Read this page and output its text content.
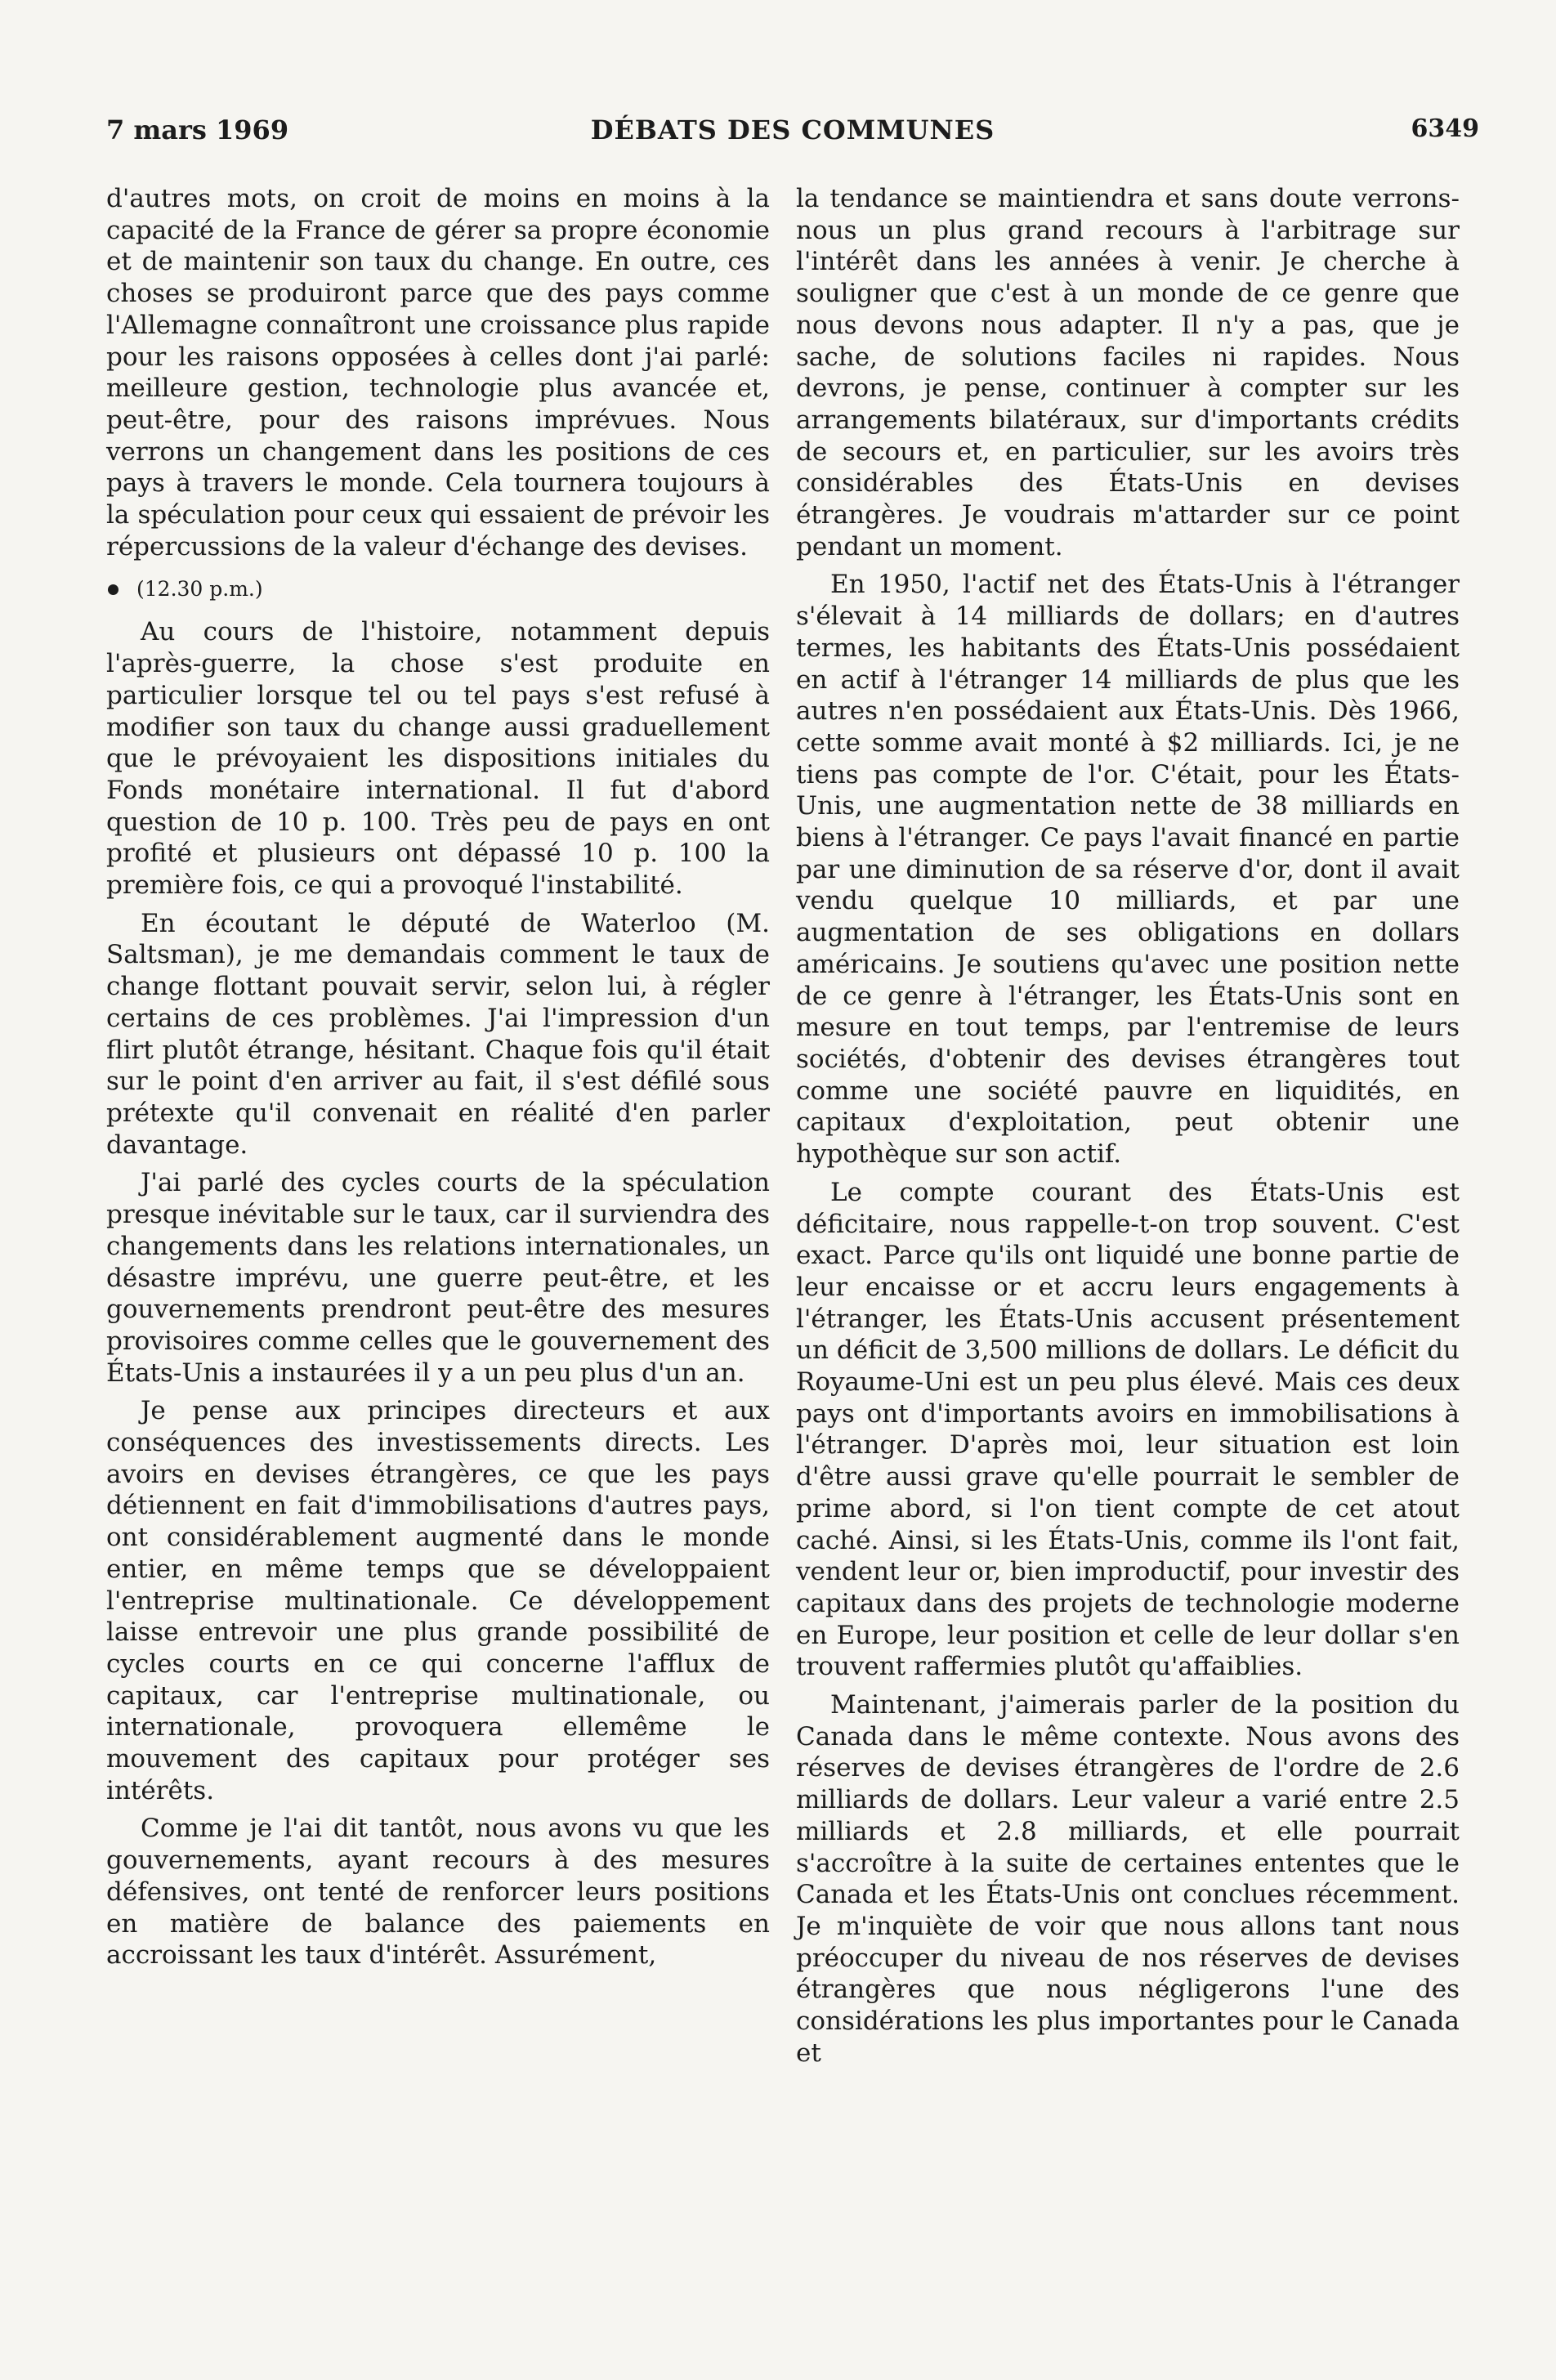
7 mars 1969	DÉBATS DES COMMUNES	6349

d'autres mots, on croit de moins en moins à la capacité de la France de gérer sa propre économie et de maintenir son taux du change. En outre, ces choses se produiront parce que des pays comme l'Allemagne connaîtront une croissance plus rapide pour les raisons opposées à celles dont j'ai parlé: meilleure gestion, technologie plus avancée et, peut-être, pour des raisons imprévues. Nous verrons un changement dans les positions de ces pays à travers le monde. Cela tournera toujours à la spéculation pour ceux qui essaient de prévoir les répercussions de la valeur d'échange des devises.

(12.30 p.m.)

Au cours de l'histoire, notamment depuis l'après-guerre, la chose s'est produite en particulier lorsque tel ou tel pays s'est refusé à modifier son taux du change aussi graduellement que le prévoyaient les dispositions initiales du Fonds monétaire international. Il fut d'abord question de 10 p. 100. Très peu de pays en ont profité et plusieurs ont dépassé 10 p. 100 la première fois, ce qui a provoqué l'instabilité.

En écoutant le député de Waterloo (M. Saltsman), je me demandais comment le taux de change flottant pouvait servir, selon lui, à régler certains de ces problèmes. J'ai l'impression d'un flirt plutôt étrange, hésitant. Chaque fois qu'il était sur le point d'en arriver au fait, il s'est défilé sous prétexte qu'il convenait en réalité d'en parler davantage.

J'ai parlé des cycles courts de la spéculation presque inévitable sur le taux, car il surviendra des changements dans les relations internationales, un désastre imprévu, une guerre peut-être, et les gouvernements prendront peut-être des mesures provisoires comme celles que le gouvernement des États-Unis a instaurées il y a un peu plus d'un an.

Je pense aux principes directeurs et aux conséquences des investissements directs. Les avoirs en devises étrangères, ce que les pays détiennent en fait d'immobilisations d'autres pays, ont considérablement augmenté dans le monde entier, en même temps que se développaient l'entreprise multinationale. Ce développement laisse entrevoir une plus grande possibilité de cycles courts en ce qui concerne l'afflux de capitaux, car l'entreprise multinationale, ou internationale, provoquera ellemême le mouvement des capitaux pour protéger ses intérêts.

Comme je l'ai dit tantôt, nous avons vu que les gouvernements, ayant recours à des mesures défensives, ont tenté de renforcer leurs positions en matière de balance des paiements en accroissant les taux d'intérêt. Assurément,

la tendance se maintiendra et sans doute verrons-nous un plus grand recours à l'arbitrage sur l'intérêt dans les années à venir. Je cherche à souligner que c'est à un monde de ce genre que nous devons nous adapter. Il n'y a pas, que je sache, de solutions faciles ni rapides. Nous devrons, je pense, continuer à compter sur les arrangements bilatéraux, sur d'importants crédits de secours et, en particulier, sur les avoirs très considérables des États-Unis en devises étrangères. Je voudrais m'attarder sur ce point pendant un moment.

En 1950, l'actif net des États-Unis à l'étranger s'élevait à 14 milliards de dollars; en d'autres termes, les habitants des États-Unis possédaient en actif à l'étranger 14 milliards de plus que les autres n'en possédaient aux États-Unis. Dès 1966, cette somme avait monté à $2 milliards. Ici, je ne tiens pas compte de l'or. C'était, pour les États-Unis, une augmentation nette de 38 milliards en biens à l'étranger. Ce pays l'avait financé en partie par une diminution de sa réserve d'or, dont il avait vendu quelque 10 milliards, et par une augmentation de ses obligations en dollars américains. Je soutiens qu'avec une position nette de ce genre à l'étranger, les États-Unis sont en mesure en tout temps, par l'entremise de leurs sociétés, d'obtenir des devises étrangères tout comme une société pauvre en liquidités, en capitaux d'exploitation, peut obtenir une hypothèque sur son actif.

Le compte courant des États-Unis est déficitaire, nous rappelle-t-on trop souvent. C'est exact. Parce qu'ils ont liquidé une bonne partie de leur encaisse or et accru leurs engagements à l'étranger, les États-Unis accusent présentement un déficit de 3,500 millions de dollars. Le déficit du Royaume-Uni est un peu plus élevé. Mais ces deux pays ont d'importants avoirs en immobilisations à l'étranger. D'après moi, leur situation est loin d'être aussi grave qu'elle pourrait le sembler de prime abord, si l'on tient compte de cet atout caché. Ainsi, si les États-Unis, comme ils l'ont fait, vendent leur or, bien improductif, pour investir des capitaux dans des projets de technologie moderne en Europe, leur position et celle de leur dollar s'en trouvent raffermies plutôt qu'affaiblies.

Maintenant, j'aimerais parler de la position du Canada dans le même contexte. Nous avons des réserves de devises étrangères de l'ordre de 2.6 milliards de dollars. Leur valeur a varié entre 2.5 milliards et 2.8 milliards, et elle pourrait s'accroître à la suite de certaines ententes que le Canada et les États-Unis ont conclues récemment. Je m'inquiète de voir que nous allons tant nous préoccuper du niveau de nos réserves de devises étrangères que nous négligerons l'une des considérations les plus importantes pour le Canada et
